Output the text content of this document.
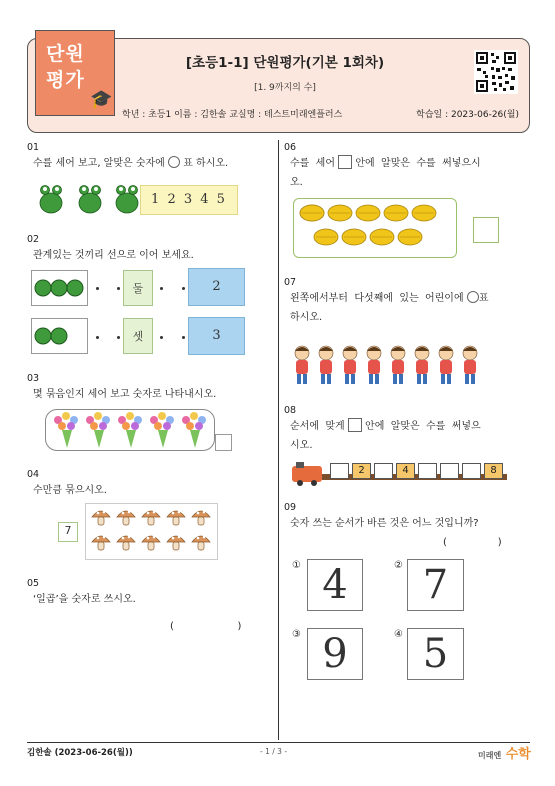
단원
평가
🎓
[초등1-1] 단원평가(기본 1회차)
[1. 9까지의 수]
학년 : 초등1 이름 : 김한솔 교실명 : 테스트미래엔플러스	학습일 : 2023-06-26(월)
01
수를 세어 보고, 알맞은 숫자에 ○ 표 하시오.
1 2 3 4 5
02
관계있는 것끼리 선으로 이어 보세요.
둘	2
셋	3
03
몇 묶음인지 세어 보고 숫자로 나타내시오.
04
수만큼 묶으시오.
7
05
‘일곱’을 숫자로 쓰시오.
(                    )
06
수를  세어 안에  알맞은  수를  써넣으시
오.
07
왼쪽에서부터  다섯째에  있는  어린이에 ○표
하시오.
08
순서에  맞게 안에  알맞은  수를  써넣으
시오.
2	4	8
09
숫자 쓰는 순서가 바른 것은 어느 것입니까?
(                )
① 4	② 7
③ 9	④ 5
김한솔 (2023-06-26(월))	- 1 / 3 -	미래엔 수학
